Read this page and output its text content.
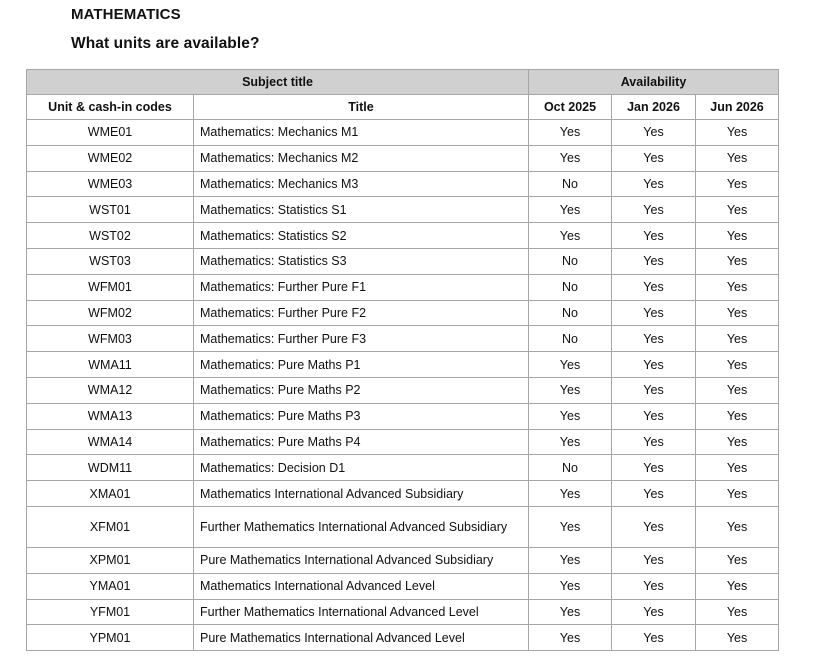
MATHEMATICS
What units are available?
Subject title		Availability		
Unit & cash-in codes	Title	Oct 2025	Jan 2026	Jun 2026
WME01	Mathematics: Mechanics M1	Yes	Yes	Yes
WME02	Mathematics: Mechanics M2	Yes	Yes	Yes
WME03	Mathematics: Mechanics M3	No	Yes	Yes
WST01	Mathematics: Statistics S1	Yes	Yes	Yes
WST02	Mathematics: Statistics S2	Yes	Yes	Yes
WST03	Mathematics: Statistics S3	No	Yes	Yes
WFM01	Mathematics: Further Pure F1	No	Yes	Yes
WFM02	Mathematics: Further Pure F2	No	Yes	Yes
WFM03	Mathematics: Further Pure F3	No	Yes	Yes
WMA11	Mathematics: Pure Maths P1	Yes	Yes	Yes
WMA12	Mathematics: Pure Maths P2	Yes	Yes	Yes
WMA13	Mathematics: Pure Maths P3	Yes	Yes	Yes
WMA14	Mathematics: Pure Maths P4	Yes	Yes	Yes
WDM11	Mathematics: Decision D1	No	Yes	Yes
XMA01	Mathematics International Advanced Subsidiary	Yes	Yes	Yes
XFM01	Further Mathematics International Advanced Subsidiary	Yes	Yes	Yes
XPM01	Pure Mathematics International Advanced Subsidiary	Yes	Yes	Yes
YMA01	Mathematics International Advanced Level	Yes	Yes	Yes
YFM01	Further Mathematics International Advanced Level	Yes	Yes	Yes
YPM01	Pure Mathematics International Advanced Level	Yes	Yes	Yes
